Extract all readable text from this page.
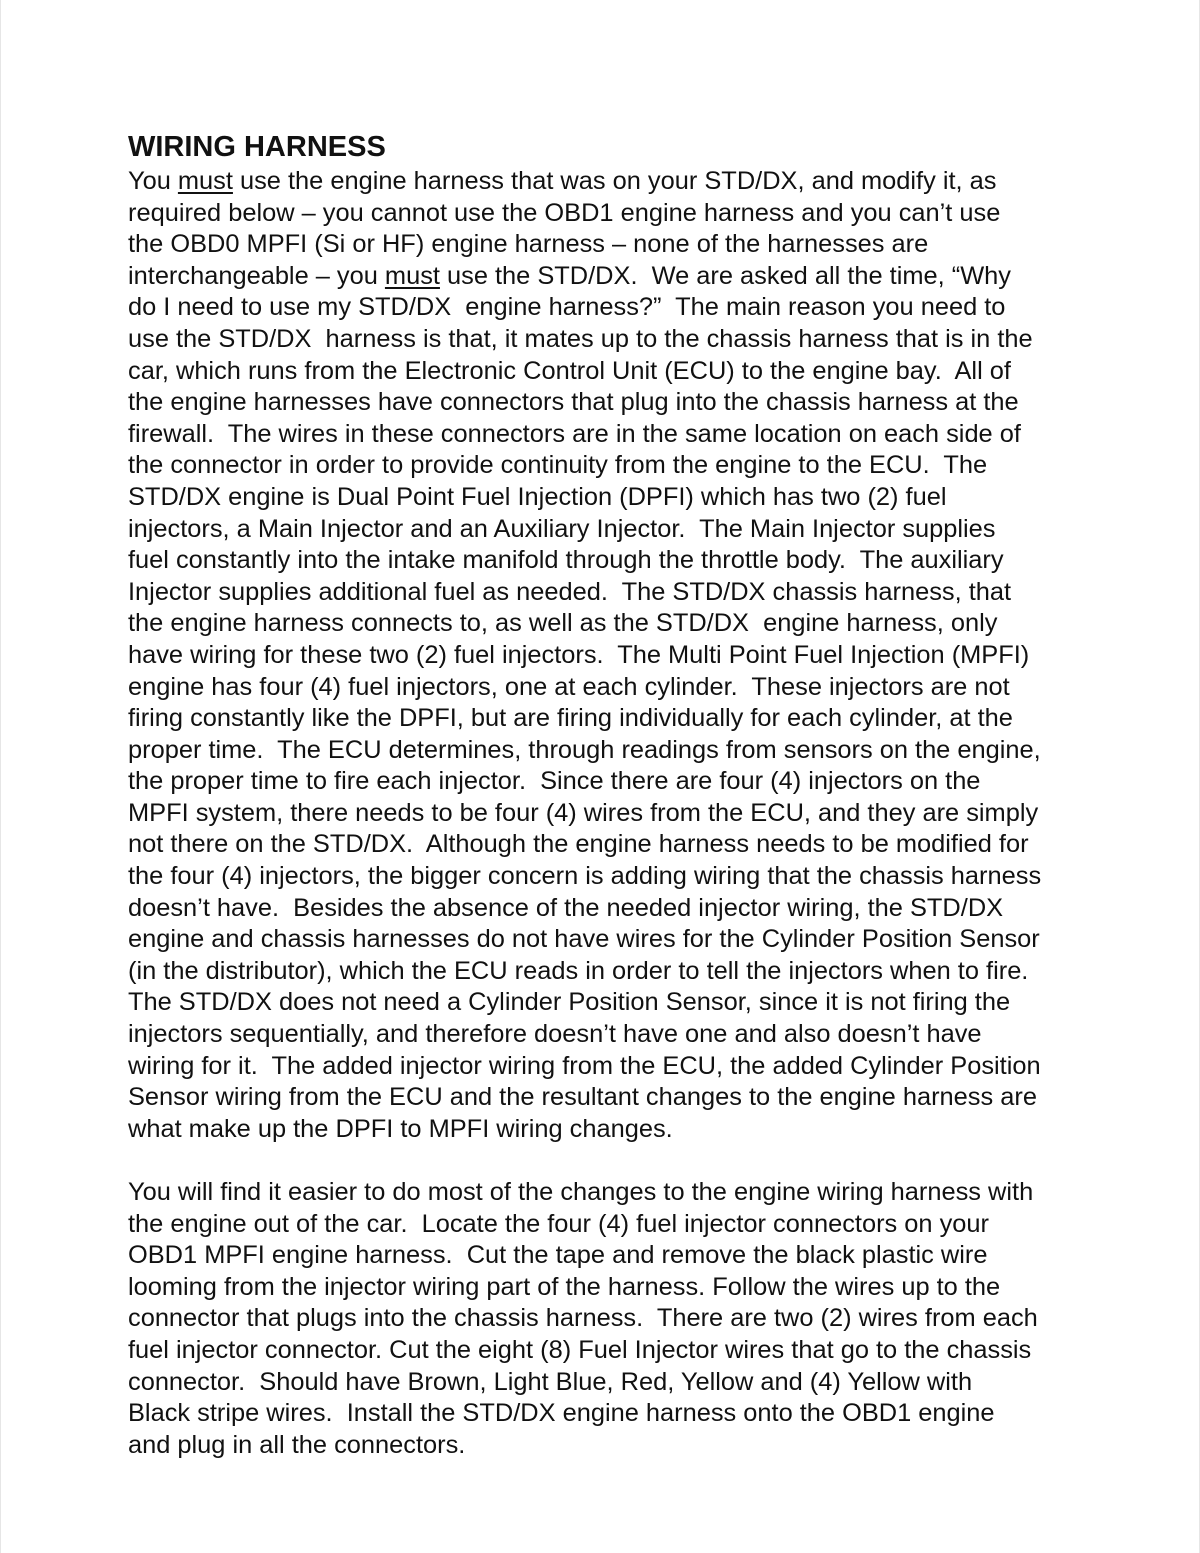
WIRING HARNESS
You must use the engine harness that was on your STD/DX, and modify it, as
required below – you cannot use the OBD1 engine harness and you can’t use
the OBD0 MPFI (Si or HF) engine harness – none of the harnesses are
interchangeable – you must use the STD/DX.  We are asked all the time, “Why
do I need to use my STD/DX  engine harness?”  The main reason you need to
use the STD/DX  harness is that, it mates up to the chassis harness that is in the
car, which runs from the Electronic Control Unit (ECU) to the engine bay.  All of
the engine harnesses have connectors that plug into the chassis harness at the
firewall.  The wires in these connectors are in the same location on each side of
the connector in order to provide continuity from the engine to the ECU.  The
STD/DX engine is Dual Point Fuel Injection (DPFI) which has two (2) fuel
injectors, a Main Injector and an Auxiliary Injector.  The Main Injector supplies
fuel constantly into the intake manifold through the throttle body.  The auxiliary
Injector supplies additional fuel as needed.  The STD/DX chassis harness, that
the engine harness connects to, as well as the STD/DX  engine harness, only
have wiring for these two (2) fuel injectors.  The Multi Point Fuel Injection (MPFI)
engine has four (4) fuel injectors, one at each cylinder.  These injectors are not
firing constantly like the DPFI, but are firing individually for each cylinder, at the
proper time.  The ECU determines, through readings from sensors on the engine,
the proper time to fire each injector.  Since there are four (4) injectors on the
MPFI system, there needs to be four (4) wires from the ECU, and they are simply
not there on the STD/DX.  Although the engine harness needs to be modified for
the four (4) injectors, the bigger concern is adding wiring that the chassis harness
doesn’t have.  Besides the absence of the needed injector wiring, the STD/DX
engine and chassis harnesses do not have wires for the Cylinder Position Sensor
(in the distributor), which the ECU reads in order to tell the injectors when to fire.
The STD/DX does not need a Cylinder Position Sensor, since it is not firing the
injectors sequentially, and therefore doesn’t have one and also doesn’t have
wiring for it.  The added injector wiring from the ECU, the added Cylinder Position
Sensor wiring from the ECU and the resultant changes to the engine harness are
what make up the DPFI to MPFI wiring changes.
You will find it easier to do most of the changes to the engine wiring harness with
the engine out of the car.  Locate the four (4) fuel injector connectors on your
OBD1 MPFI engine harness.  Cut the tape and remove the black plastic wire
looming from the injector wiring part of the harness. Follow the wires up to the
connector that plugs into the chassis harness.  There are two (2) wires from each
fuel injector connector. Cut the eight (8) Fuel Injector wires that go to the chassis
connector.  Should have Brown, Light Blue, Red, Yellow and (4) Yellow with
Black stripe wires.  Install the STD/DX engine harness onto the OBD1 engine
and plug in all the connectors.
